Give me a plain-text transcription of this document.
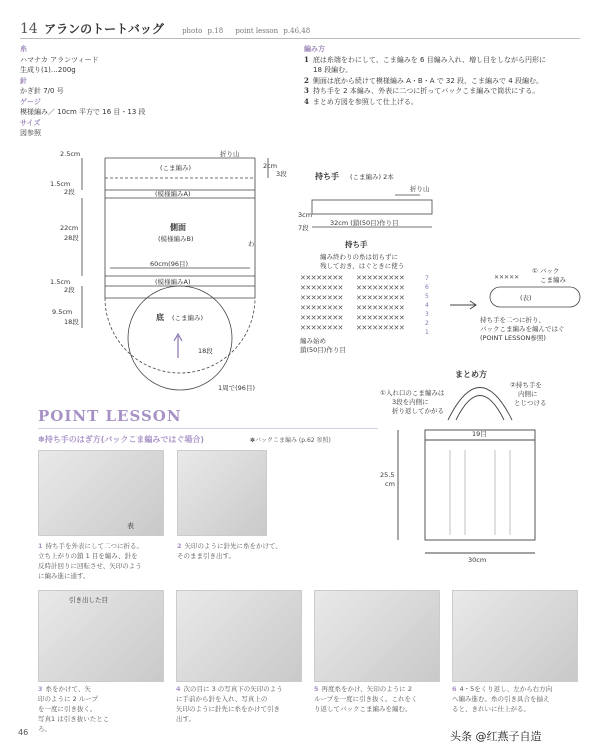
14 アランのトートバッグ	photo p.18 point lesson p.46,48
糸
ハマナカ アランツィード
生成り(1)…200g
針
かぎ針 7/0 号
ゲージ
模様編み／ 10cm 平方で 16 目・13 段
サイズ
図参照
編み方
1 底は糸端をわにして、こま編みを 6 目編み入れ、増し目をしながら円形に
18 段編む。
2 側面は底から続けて模様編み A・B・A で 32 段、こま編みで 4 段編む。
3 持ち手を 2 本編み、外表に二つに折ってバックこま編みで筒状にする。
4 まとめ方図を参照して仕上げる。
2.5cm	折り山
2cm
3段
(こま編み)
1.5cm
2段	(模様編みA)
22cm
28段
側面
(模様編みB)
わ
60cm(96目)
1.5cm
2段
(模様編みA)
9.5cm
18段	底 (こま編み)
18段
1周で(96目)
持ち手 (こま編み) 2本
折り山
32cm (鎖(50目)作り目
3cm
7段
持ち手
編み終わりの糸は切らずに
残しておき、はぐときに使う
✕✕✕✕✕✕✕✕ ✕✕✕✕✕✕✕✕✕
✕✕✕✕✕✕✕✕ ✕✕✕✕✕✕✕✕✕
✕✕✕✕✕✕✕✕ ✕✕✕✕✕✕✕✕✕
✕✕✕✕✕✕✕✕ ✕✕✕✕✕✕✕✕✕
✕✕✕✕✕✕✕✕ ✕✕✕✕✕✕✕✕✕
✕✕✕✕✕✕✕✕ ✕✕✕✕✕✕✕✕✕
7
6
5
4
3
2
1
編み始め
鎖(50目)作り目
✕✕✕✕✕
① バック
こま編み
(表)
持ち手を二つに折り、
バックこま編みを編んではぐ
(POINT LESSON参照)
まとめ方
①入れ口のこま編みは
3段を内側に
折り返してかがる
②持ち手を
内側に
とじつける
19目
25.5
cm
30cm
POINT LESSON
✽持ち手のはぎ方(バックこま編みではぐ場合)	✽バックこま編み (p.62 参照)
表
1 持ち手を外表にして二つに折る。
立ち上がりの鎖 1 目を編み、針を
反時計回りに回転させ、矢印のよう
に編み進に通す。
2 矢印のように針先に糸をかけて、
そのまま引き出す。
引き出した目
3 糸をかけて、矢
印のように 2 ループ
を一度に引き抜く。
写真1 は引き抜いたところ。
4 次の目に 3 の写真下の矢印のよう
に手前から針を入れ、写真上の
矢印のように針先に糸をかけて引き
出す。
5 再度糸をかけ、矢印のように 2
ループを一度に引き抜く。これをく
り返してバックこま編みを編む。
6 4・5をくり返し、左から右方向
へ編み進む。糸の引き具合を揃え
ると、きれいに仕上がる。
46	头条 @红燕子自造
